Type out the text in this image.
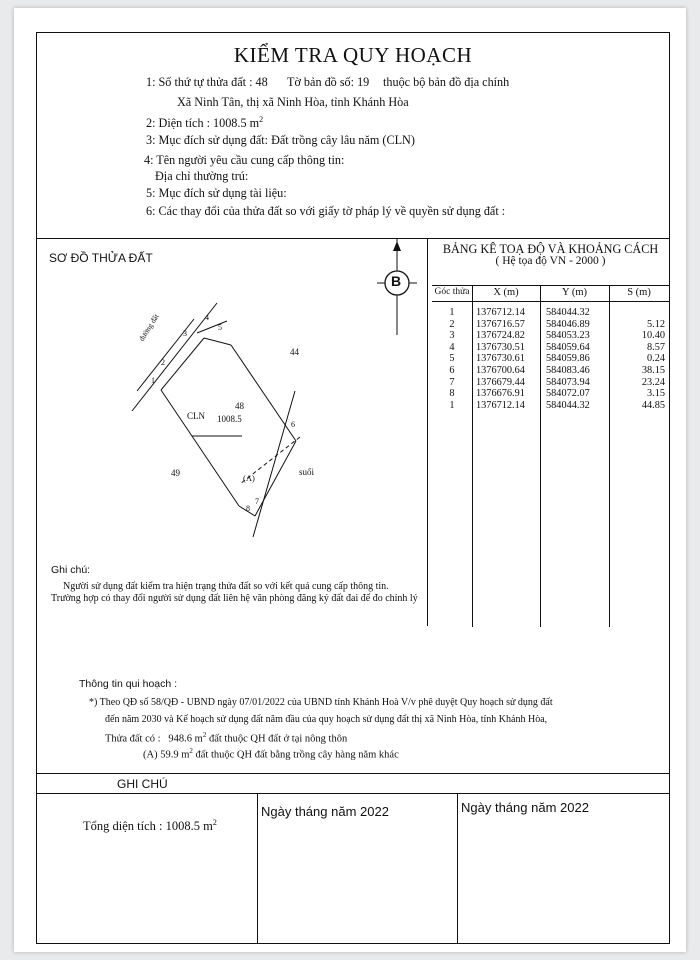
KIỂM TRA QUY HOẠCH
1: Số thứ tự thửa đất : 48 Tờ bản đồ số: 19 thuộc bộ bản đồ địa chính
Xã Ninh Tân, thị xã Ninh Hòa, tỉnh Khánh Hòa
2: Diện tích : 1008.5 $m^2$
3: Mục đích sử dụng đất: Đất trồng cây lâu năm (CLN)
4: Tên người yêu cầu cung cấp thông tin:
Địa chỉ thường trú:
5: Mục đích sử dụng tài liệu:
6: Các thay đổi của thửa đất so với giấy tờ pháp lý về quyền sử dụng đất :
SƠ ĐỒ THỬA ĐẤT
CLN
48
1008.5
44
49	suối
đường đất
(A)
1
2
3
4
5
6
7
8
B
BẢNG KÊ TOẠ ĐỘ VÀ KHOẢNG CÁCH
( Hệ tọa độ VN - 2000 )
Góc thửa	X (m)	Y (m)	S (m)
1	1376712.14	584044.32
2	1376716.57	584046.89	5.12
3	1376724.82	584053.23	10.40
4	1376730.51	584059.64	8.57
5	1376730.61	584059.86	0.24
6	1376700.64	584083.46	38.15
7	1376679.44	584073.94	23.24
8	1376676.91	584072.07	3.15
1	1376712.14	584044.32	44.85
Ghi chú:
Người sử dụng đất kiểm tra hiện trạng thửa đất so với kết quả cung cấp thông tin.
Trường hợp có thay đổi người sử dụng đất liên hệ văn phòng đăng ký đất đai để đo chỉnh lý
Thông tin qui hoạch :
*) Theo QĐ số 58/QĐ - UBND ngày 07/01/2022 của UBND tỉnh Khánh Hoà V/v phê duyệt Quy hoạch sử dụng đất
đến năm 2030 và Kế hoạch sử dụng đất năm đầu của quy hoạch sử dụng đất thị xã Ninh Hòa, tỉnh Khánh Hòa,
Thửa đất có : 948.6 $m^2$ đất thuộc QH đất ở tại nông thôn
(A) 59.9 $m^2$ đất thuộc QH đất bằng trồng cây hàng năm khác
GHI CHÚ
Tổng diện tích : 1008.5 $m^2$
Ngày tháng năm 2022	Ngày tháng năm 2022
